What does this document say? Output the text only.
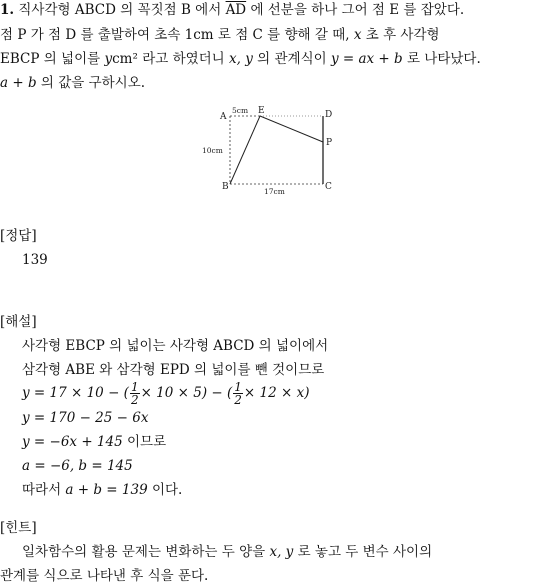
1. 직사각형 ABCD 의 꼭짓점 B 에서 $\overline{AD}$ 에 선분을 하나 그어 점 E 를 잡았다.
점 P 가 점 D 를 출발하여 초속 1cm 로 점 C 를 향해 갈 때, x 초 후 사각형
EBCP 의 넓이를 ycm² 라고 하였더니 x, y 의 관계식이 y = ax + b 로 나타났다.
a + b 의 값을 구하시오.
A
E	D
P
B	C
5cm
10cm
17cm
[정답]
139
[해설]
사각형 EBCP 의 넓이는 사각형 ABCD 의 넓이에서
삼각형 ABE 와 삼각형 EPD 의 넓이를 뺀 것이므로
y = 17 × 10 − ( $\frac{1}{2} \times 10 \times 5$) − ( $\frac{1}{2} \times 12 \times x$)
y = 170 − 25 − 6x
y = −6x + 145 이므로
a = −6, b = 145
따라서 a + b = 139 이다.
[힌트]
일차함수의 활용 문제는 변화하는 두 양을 x, y 로 놓고 두 변수 사이의
관계를 식으로 나타낸 후 식을 푼다.
